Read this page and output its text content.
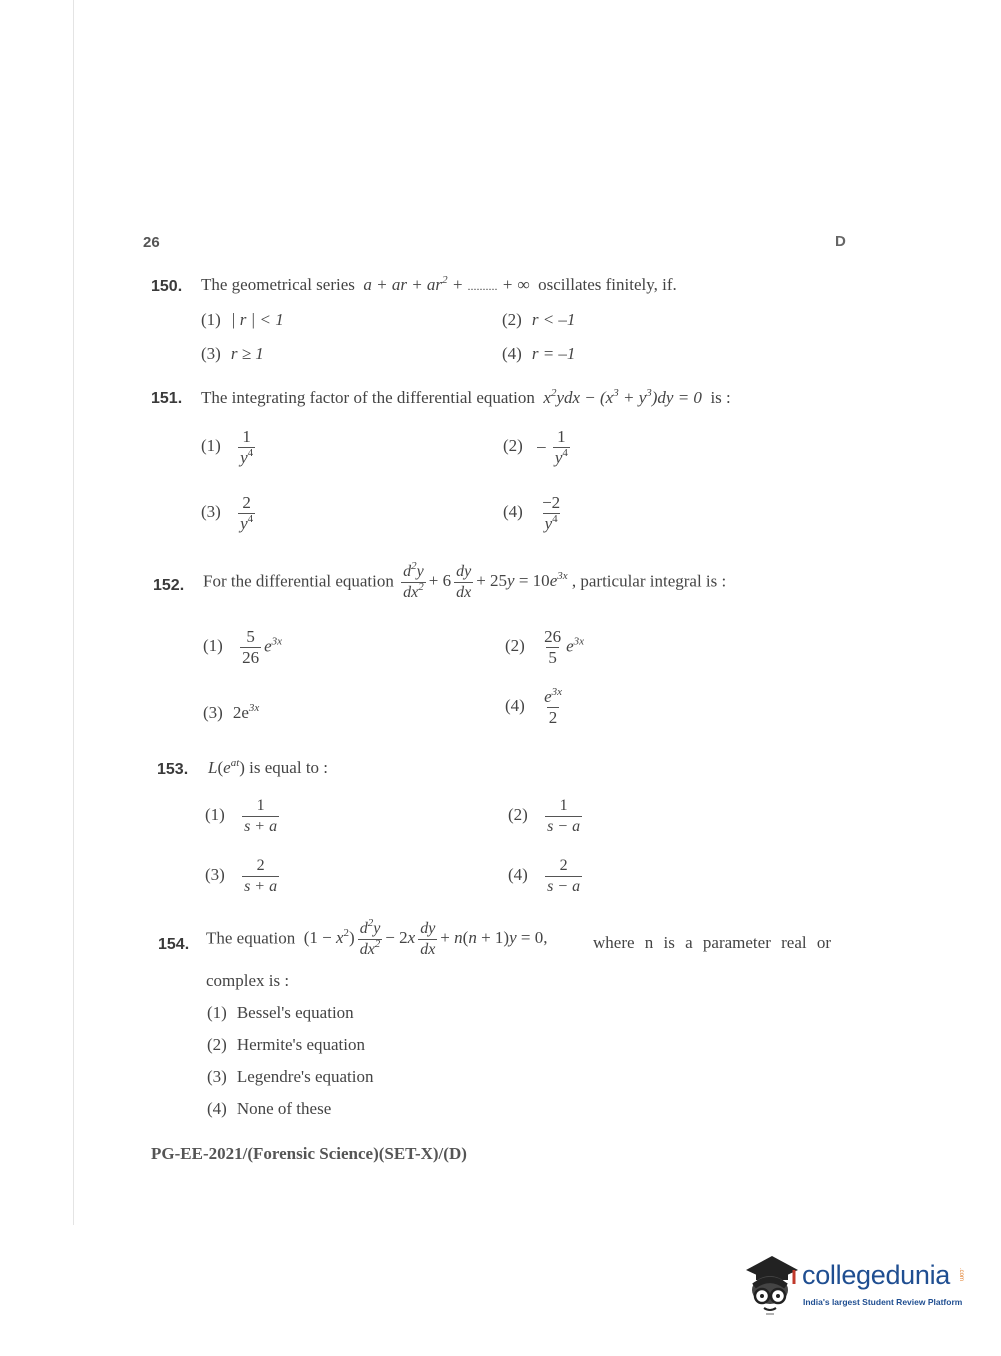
26	D
150. The geometrical series  a + ar + $ar^2$ + .......... + ∞  oscillates finitely, if.
(1) | r | < 1	(2) r < –1
(3) r ≥ 1	(4) r = –1
151. The integrating factor of the differential equation  $x^2ydx - (x^3 + y^3)dy = 0$  is :
$(1) \frac{1}{y^4}$	$(2) - \frac{1}{y^4}$
$(3) \frac{2}{y^4}$	$(4) \frac{-2}{y^4}$
152. For the differential equation $\frac{d^2y}{dx^2} + 6 \frac{dy}{dx} + 25y = 10e^{3x}$ , particular integral is :
$(1) \frac{5}{26} e^{3x}$	$(2) \frac{26}{5} e^{3x}$
(3) $2e^{3x}$	$(4) \frac{e^{3x}}{2}$
153. $L(e^{at})$ is equal to :
$(1) \frac{1}{s + a}$	$(2) \frac{1}{s - a}$
$(3) \frac{2}{s + a}$	$(4) \frac{2}{s - a}$
154. The equation $(1 - x^2) \frac{d^2y}{dx^2} - 2x \frac{dy}{dx} + n(n + 1)y = 0$,	where n is a parameter real or
complex is :
(1) Bessel's equation
(2) Hermite's equation
(3) Legendre's equation
(4) None of these
PG-EE-2021/(Forensic Science)(SET-X)/(D)
collegedunia .com
India's largest Student Review Platform
